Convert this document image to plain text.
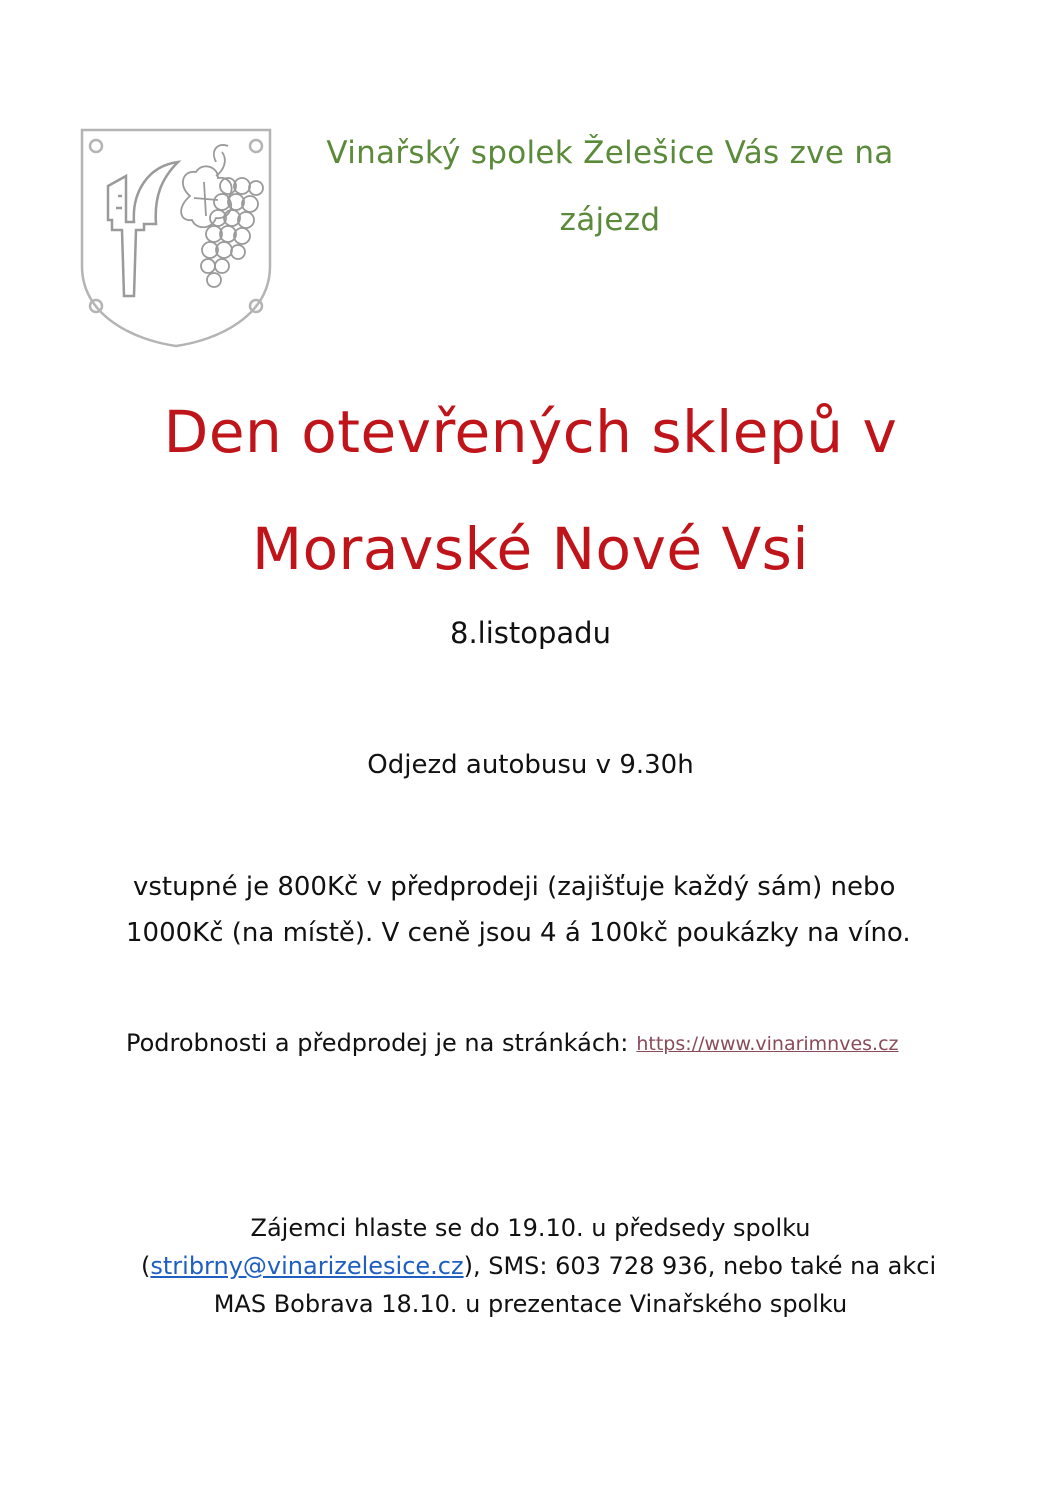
Vinařský spolek Želešice Vás zve na
zájezd
Den otevřených sklepů v
Moravské Nové Vsi
8.listopadu
Odjezd autobusu v 9.30h
vstupné je 800Kč v předprodeji (zajišťuje každý sám) nebo
1000Kč (na místě). V ceně jsou 4 á 100kč poukázky na víno.
Podrobnosti a předprodej je na stránkách: https://www.vinarimnves.cz
Zájemci hlaste se do 19.10. u předsedy spolku
(stribrny@vinarizelesice.cz), SMS: 603 728 936, nebo také na akci
MAS Bobrava 18.10. u prezentace Vinařského spolku
